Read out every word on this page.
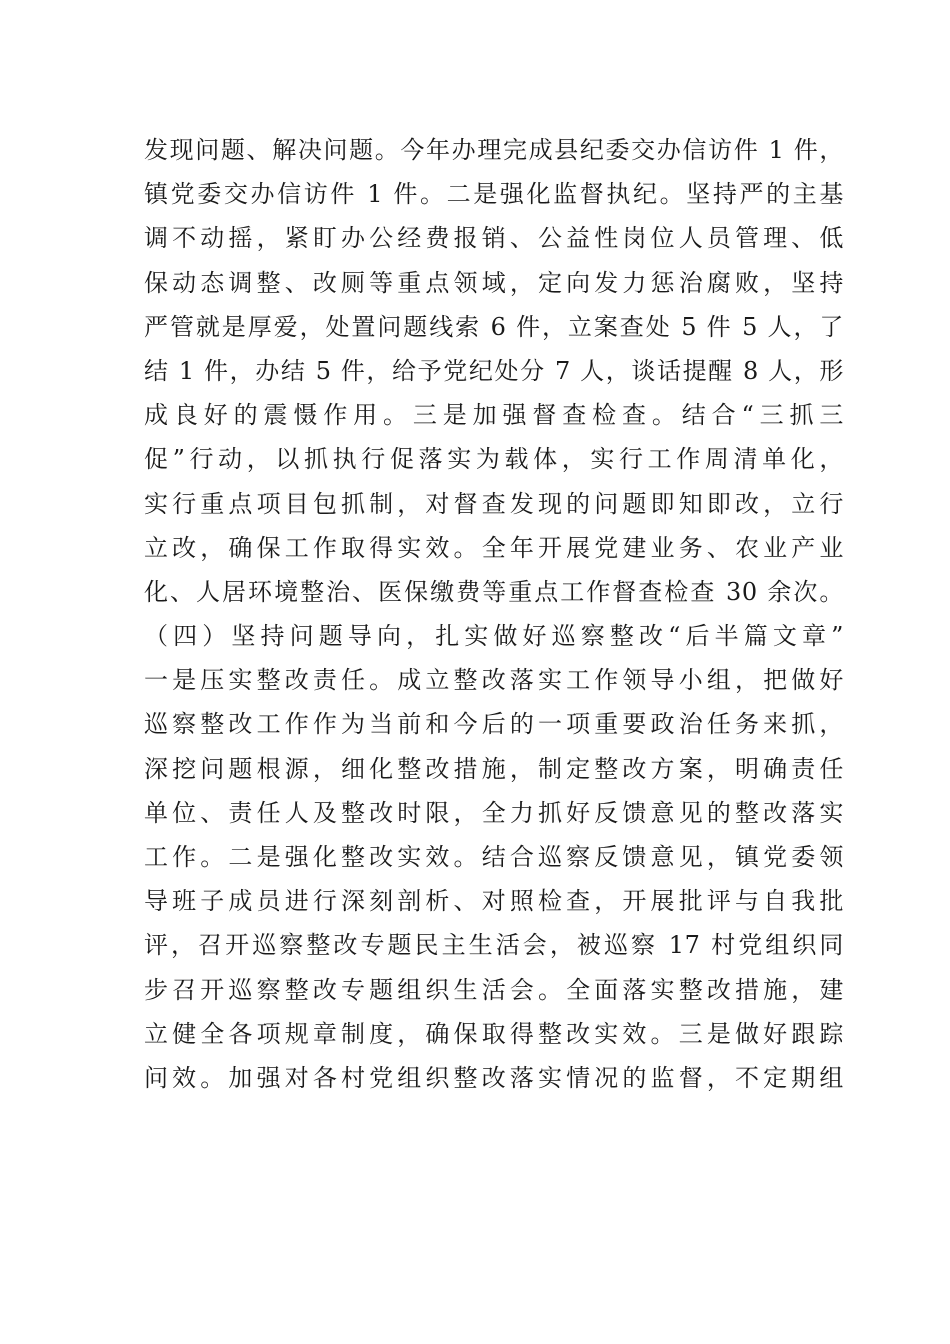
发现问题、解决问题。今年办理完成县纪委交办信访件 1 件，
镇党委交办信访件 1 件。二是强化监督执纪。坚持严的主基
调不动摇，紧盯办公经费报销、公益性岗位人员管理、低
保动态调整、改厕等重点领域，定向发力惩治腐败，坚持
严管就是厚爱，处置问题线索 6 件，立案查处 5 件 5 人，了
结 1 件，办结 5 件，给予党纪处分 7 人，谈话提醒 8 人，形
成良好的震慑作用。三是加强督查检查。结合“三抓三
促”行动，以抓执行促落实为载体，实行工作周清单化，
实行重点项目包抓制，对督查发现的问题即知即改，立行
立改，确保工作取得实效。全年开展党建业务、农业产业
化、人居环境整治、医保缴费等重点工作督查检查 30 余次。
（四）坚持问题导向，扎实做好巡察整改“后半篇文章”
一是压实整改责任。成立整改落实工作领导小组，把做好
巡察整改工作作为当前和今后的一项重要政治任务来抓，
深挖问题根源，细化整改措施，制定整改方案，明确责任
单位、责任人及整改时限，全力抓好反馈意见的整改落实
工作。二是强化整改实效。结合巡察反馈意见，镇党委领
导班子成员进行深刻剖析、对照检查，开展批评与自我批
评，召开巡察整改专题民主生活会，被巡察 17 村党组织同
步召开巡察整改专题组织生活会。全面落实整改措施，建
立健全各项规章制度，确保取得整改实效。三是做好跟踪
问效。加强对各村党组织整改落实情况的监督，不定期组
